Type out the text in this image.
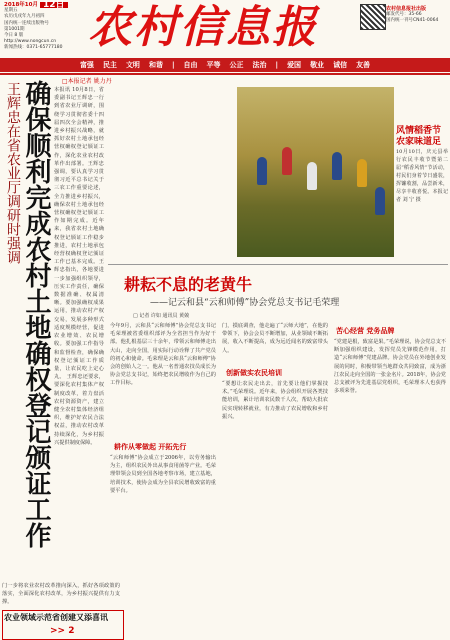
2018年10月 12日
星期五
农历戊戌年九月初四
国内统一连续出版物号
第1001期
今日 8 版
http://www.nongcun.cn
新闻热线：0371-65777180 农村信息报	农村信息报社出版
邮发代号：35-66
国内统一刊号CN41-0064
富强 民主 文明 和谐 | 自由 平等 公正 法治 | 爱国 敬业 诚信 友善
□本报记者 姚力丹
王辉忠在省农业厅调研时强调 确保顺利完成农村土地确权登记颁证工作 本报讯 10月8日，省委副书记王辉忠一行到省农业厅调研，围绕学习贯彻省委十四届四次全会精神，推进乡村振兴战略，就抓好农村土地承包经营权确权登记颁证工作，深化农业农村改革作出部署。王辉忠强调，要认真学习贯彻习近平总书记关于三农工作重要论述，全力推进乡村振兴，确保农村土地承包经营权确权登记颁证工作如期完成。近年来，我省农村土地确权登记颁证工作稳步推进，农村土地承包经营权确权登记颁证工作已基本完成。王辉忠指出，各地要进一步加强组织领导，压实工作责任，确保数据准确、权属清晰。要加强确权成果运用，推动农村产权交易，发展多种形式适度规模经营，促进农业增效、农民增收。要加强工作指导和监督检查，确保确权登记颁证工作质量，让农民吃上定心丸。 王辉忠还要求，要深化农村集体产权制度改革，着力盘活农村资源资产，建立健全农村集体经济组织，维护好农民合法权益，推动农村改革持续深化，为乡村振兴提供制度保障。
门一步将农业农村改革推向深入，抓好各项政策的落实，全面深化农村改革，为乡村振兴提供有力支撑。
农业领域示范省创建又添喜讯
>> 2
风情稻香节 农家味道足
10月10日，庆元县举行农民丰收节暨第二届“稻香风情”节活动，村民们身着节日盛装，挥镰收割，品尝新米，尽享丰收喜悦。本报记者 刘 宁 摄
耕耘不息的老黄牛
——记云和县“云和师傅”协会党总支书记毛荣理
□ 记者 许如 通讯员 黄兢
今年9月，云和县“云和师傅”协会党总支书记毛荣理被省委组织部评为全省担当作为好干部。他扎根基层三十余年，带领云和师傅走出大山，走向全国，用实际行动诠释了共产党员的初心和使命。毛荣理是云和县“云和师傅”协会的创始人之一。他从一名普通农技员成长为协会党总支书记，始终把农民增收作为自己的工作目标。
耕作从零做起 开拓先行
“云和师傅”协会成立于2006年，以劳务输出为主，组织农民外出从事食用菌等产业。毛荣理带领会员到全国各地考察市场，建立基地，培训技术，使协会成为全县农民增收致富的重要平台。
门，摸底调查，他走遍了“云师大地”，在他的带领下，协会会员不断增加，从业领域不断拓展，收入不断提高，成为远近闻名的致富带头人。
创新做实农民培训
“要想让农民走出去，首先要让他们掌握技术。”毛荣理说。近年来，协会组织开展各类技能培训，累计培训农民数千人次，帮助大批农民实现转移就业，有力推动了农民增收和乡村振兴。
苦心经营 党务品牌
“党建是根，致富是果。”毛荣理说，协会党总支不断加强组织建设，发挥党员先锋模范作用，打造“云和师傅”党建品牌。协会党员在外地创业发展的同时，积极带领当地群众共同致富，成为浙江农民走向全国的一张金名片。2018年，协会党总支被评为先进基层党组织，毛荣理本人也获得多项荣誉。
